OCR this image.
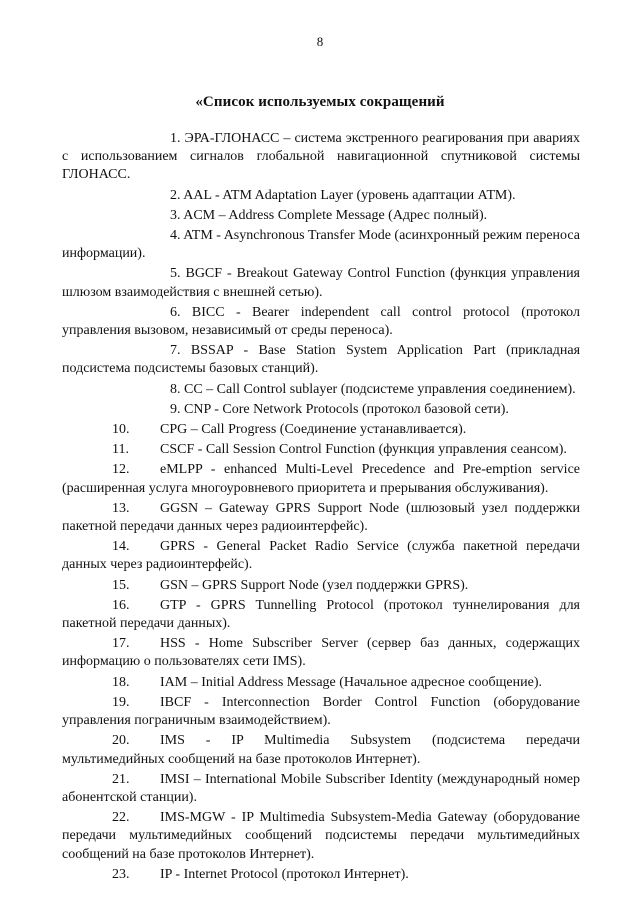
8
«Список используемых сокращений

1. ЭРА-ГЛОНАСС – система экстренного реагирования при авариях с использованием сигналов глобальной навигационной спутниковой системы ГЛОНАСС.

2. AAL - ATM Adaptation Layer (уровень адаптации АТМ).

3. ACM – Address Complete Message (Адрес полный).

4. ATM - Asynchronous Transfer Mode (асинхронный режим переноса информации).

5. BGCF - Breakout Gateway Control Function (функция управления шлюзом взаимодействия с внешней сетью).

6. BICC - Bearer independent call control protocol (протокол управления вызовом, независимый от среды переноса).

7. BSSAP - Base Station System Application Part (прикладная подсистема подсистемы базовых станций).

8. CC – Call Control sublayer (подсистеме управления соединением).

9. CNP - Core Network Protocols (протокол базовой сети).

10. CPG – Call Progress (Соединение устанавливается).

11. CSCF - Call Session Control Function (функция управления сеансом).

12. eMLPP - enhanced Multi-Level Precedence and Pre-emption service (расширенная услуга многоуровневого приоритета и прерывания обслуживания).

13. GGSN – Gateway GPRS Support Node (шлюзовый узел поддержки пакетной передачи данных через радиоинтерфейс).

14. GPRS - General Packet Radio Service (служба пакетной передачи данных через радиоинтерфейс).

15. GSN – GPRS Support Node (узел поддержки GPRS).

16. GTP - GPRS Tunnelling Protocol (протокол туннелирования для пакетной передачи данных).

17. HSS - Home Subscriber Server (сервер баз данных, содержащих информацию о пользователях сети IMS).

18. IAM – Initial Address Message (Начальное адресное сообщение).

19. IBCF - Interconnection Border Control Function (оборудование управления пограничным взаимодействием).

20. IMS - IP Multimedia Subsystem (подсистема передачи мультимедийных сообщений на базе протоколов Интернет).

21. IMSI – International Mobile Subscriber Identity (международный номер абонентской станции).

22. IMS-MGW - IP Multimedia Subsystem-Media Gateway (оборудование передачи мультимедийных сообщений подсистемы передачи мультимедийных сообщений на базе протоколов Интернет).

23. IP - Internet Protocol (протокол Интернет).
